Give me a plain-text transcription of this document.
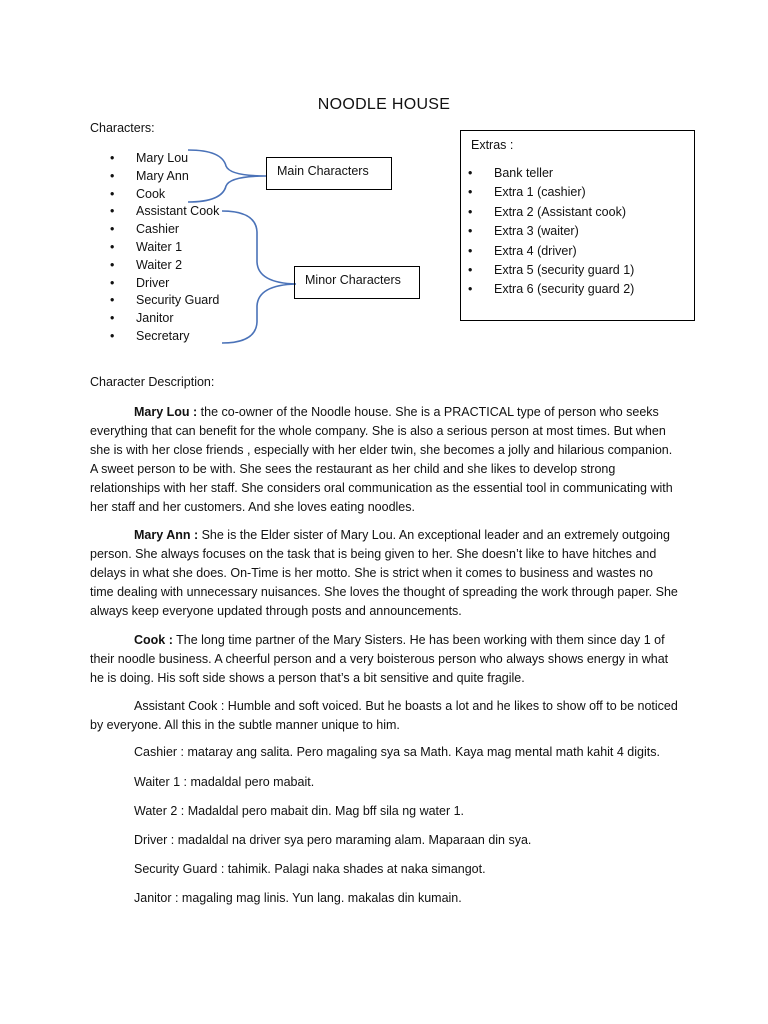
NOODLE HOUSE
Characters:
• Mary Lou
• Mary Ann
• Cook
• Assistant Cook
• Cashier
• Waiter 1
• Waiter 2
• Driver
• Security Guard
• Janitor
• Secretary
Main Characters
Minor Characters
Extras :
• Bank teller
• Extra 1 (cashier)
• Extra 2 (Assistant cook)
• Extra 3 (waiter)
• Extra 4 (driver)
• Extra 5 (security guard 1)
• Extra 6 (security guard 2)
Character Description:

Mary Lou : the co-owner of the Noodle house. She is a PRACTICAL type of person who seeks everything that can benefit for the whole company. She is also a serious person at most times. But when she is with her close friends , especially with her elder twin, she becomes a jolly and hilarious companion. A sweet person to be with. She sees the restaurant as her child and she likes to develop strong relationships with her staff. She considers oral communication as the essential tool in communicating with her staff and her customers. And she loves eating noodles.

Mary Ann : She is the Elder sister of Mary Lou. An exceptional leader and an extremely outgoing person. She always focuses on the task that is being given to her. She doesn’t like to have hitches and delays in what she does. On-Time is her motto. She is strict when it comes to business and wastes no time dealing with unnecessary nuisances. She loves the thought of spreading the work through paper. She always keep everyone updated through posts and announcements.

Cook : The long time partner of the Mary Sisters. He has been working with them since day 1 of their noodle business. A cheerful person and a very boisterous person who always shows energy in what he is doing. His soft side shows a person that’s a bit sensitive and quite fragile.

Assistant Cook : Humble and soft voiced. But he boasts a lot and he likes to show off to be noticed by everyone. All this in the subtle manner unique to him.

Cashier : mataray ang salita. Pero magaling sya sa Math. Kaya mag mental math kahit 4 digits.

Waiter 1 : madaldal pero mabait.

Water 2 : Madaldal pero mabait din. Mag bff sila ng water 1.

Driver : madaldal na driver sya pero maraming alam. Maparaan din sya.

Security Guard : tahimik. Palagi naka shades at naka simangot.

Janitor : magaling mag linis. Yun lang. makalas din kumain.
